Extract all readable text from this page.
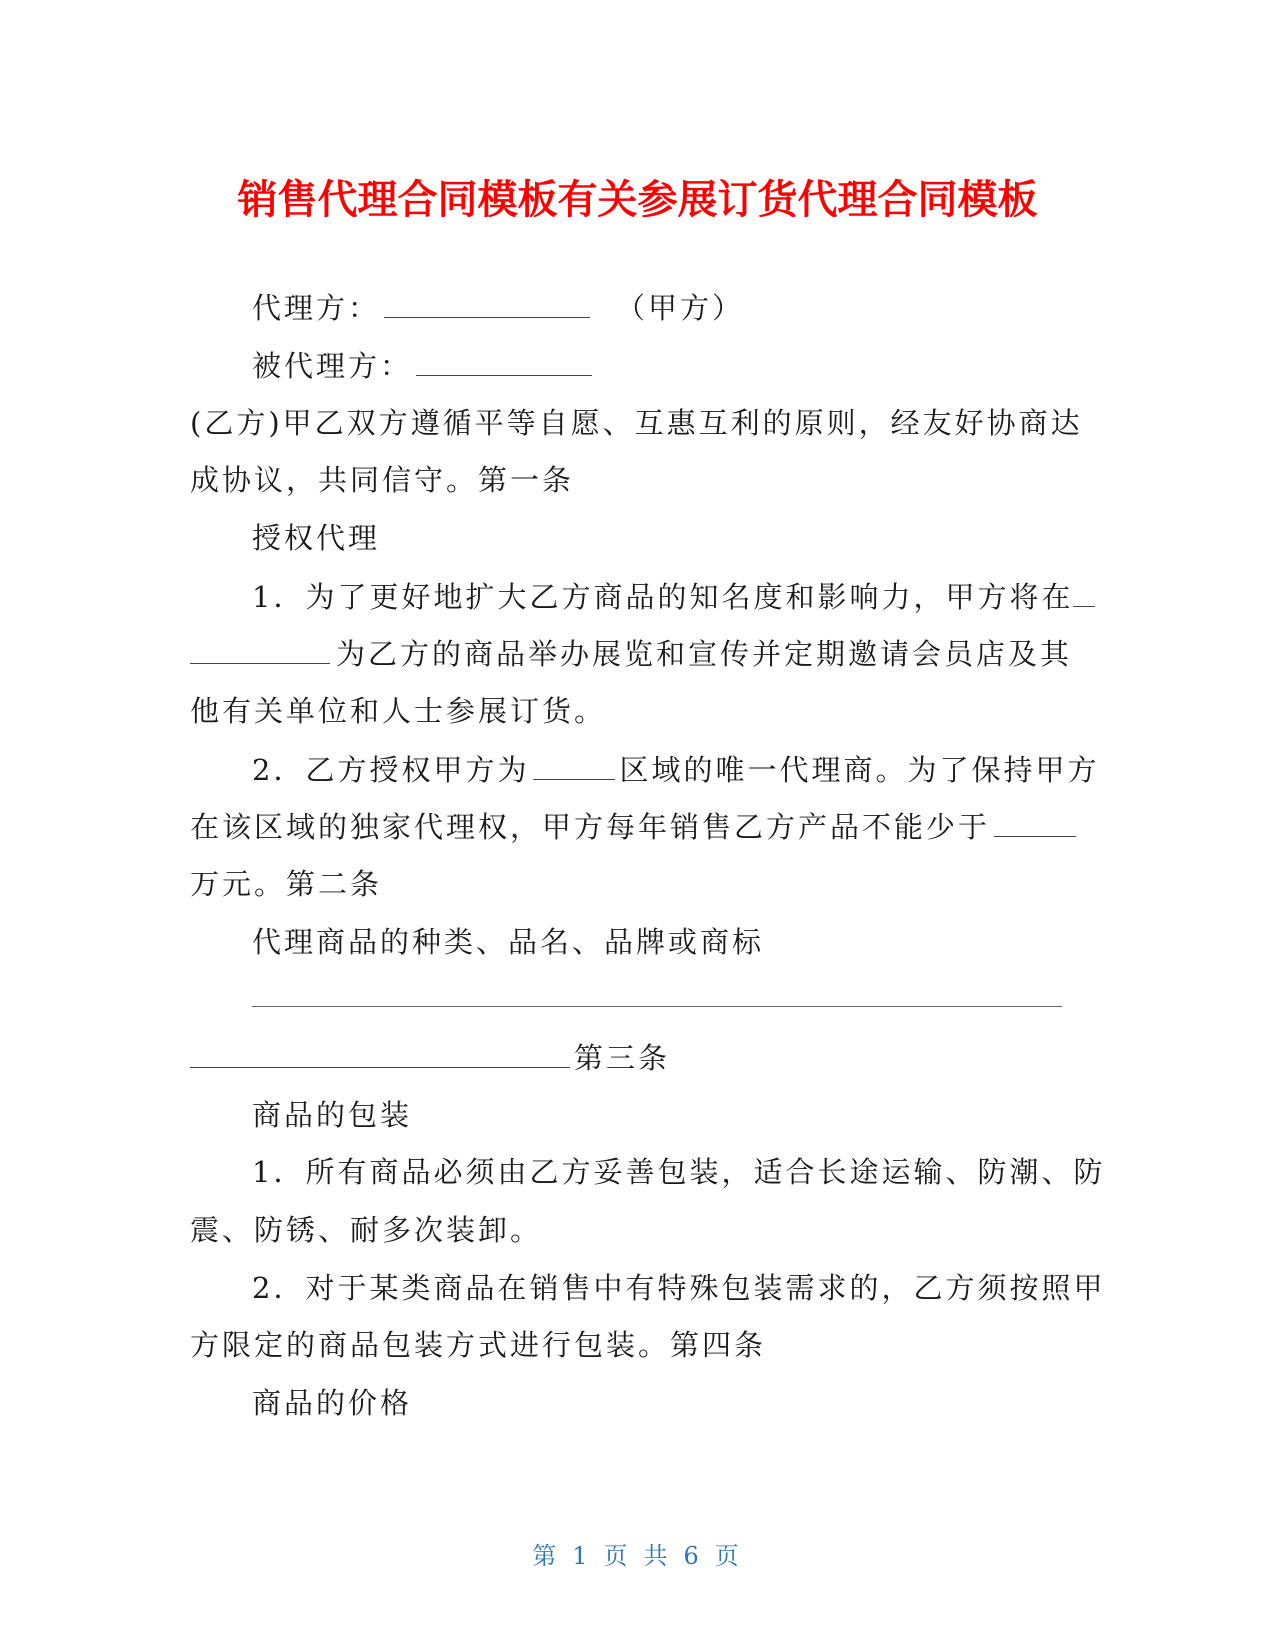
销售代理合同模板有关参展订货代理合同模板
代理方：	（甲方）
被代理方：
(乙方)甲乙双方遵循平等自愿、互惠互利的原则，经友好协商达
成协议，共同信守。第一条
授权代理
1．为了更好地扩大乙方商品的知名度和影响力，甲方将在
为乙方的商品举办展览和宣传并定期邀请会员店及其
他有关单位和人士参展订货。
2．乙方授权甲方为	区域的唯一代理商。为了保持甲方
在该区域的独家代理权，甲方每年销售乙方产品不能少于
万元。第二条
代理商品的种类、品名、品牌或商标
第三条
商品的包装
1．所有商品必须由乙方妥善包装，适合长途运输、防潮、防
震、防锈、耐多次装卸。
2．对于某类商品在销售中有特殊包装需求的，乙方须按照甲
方限定的商品包装方式进行包装。第四条
商品的价格
第 1 页 共 6 页
